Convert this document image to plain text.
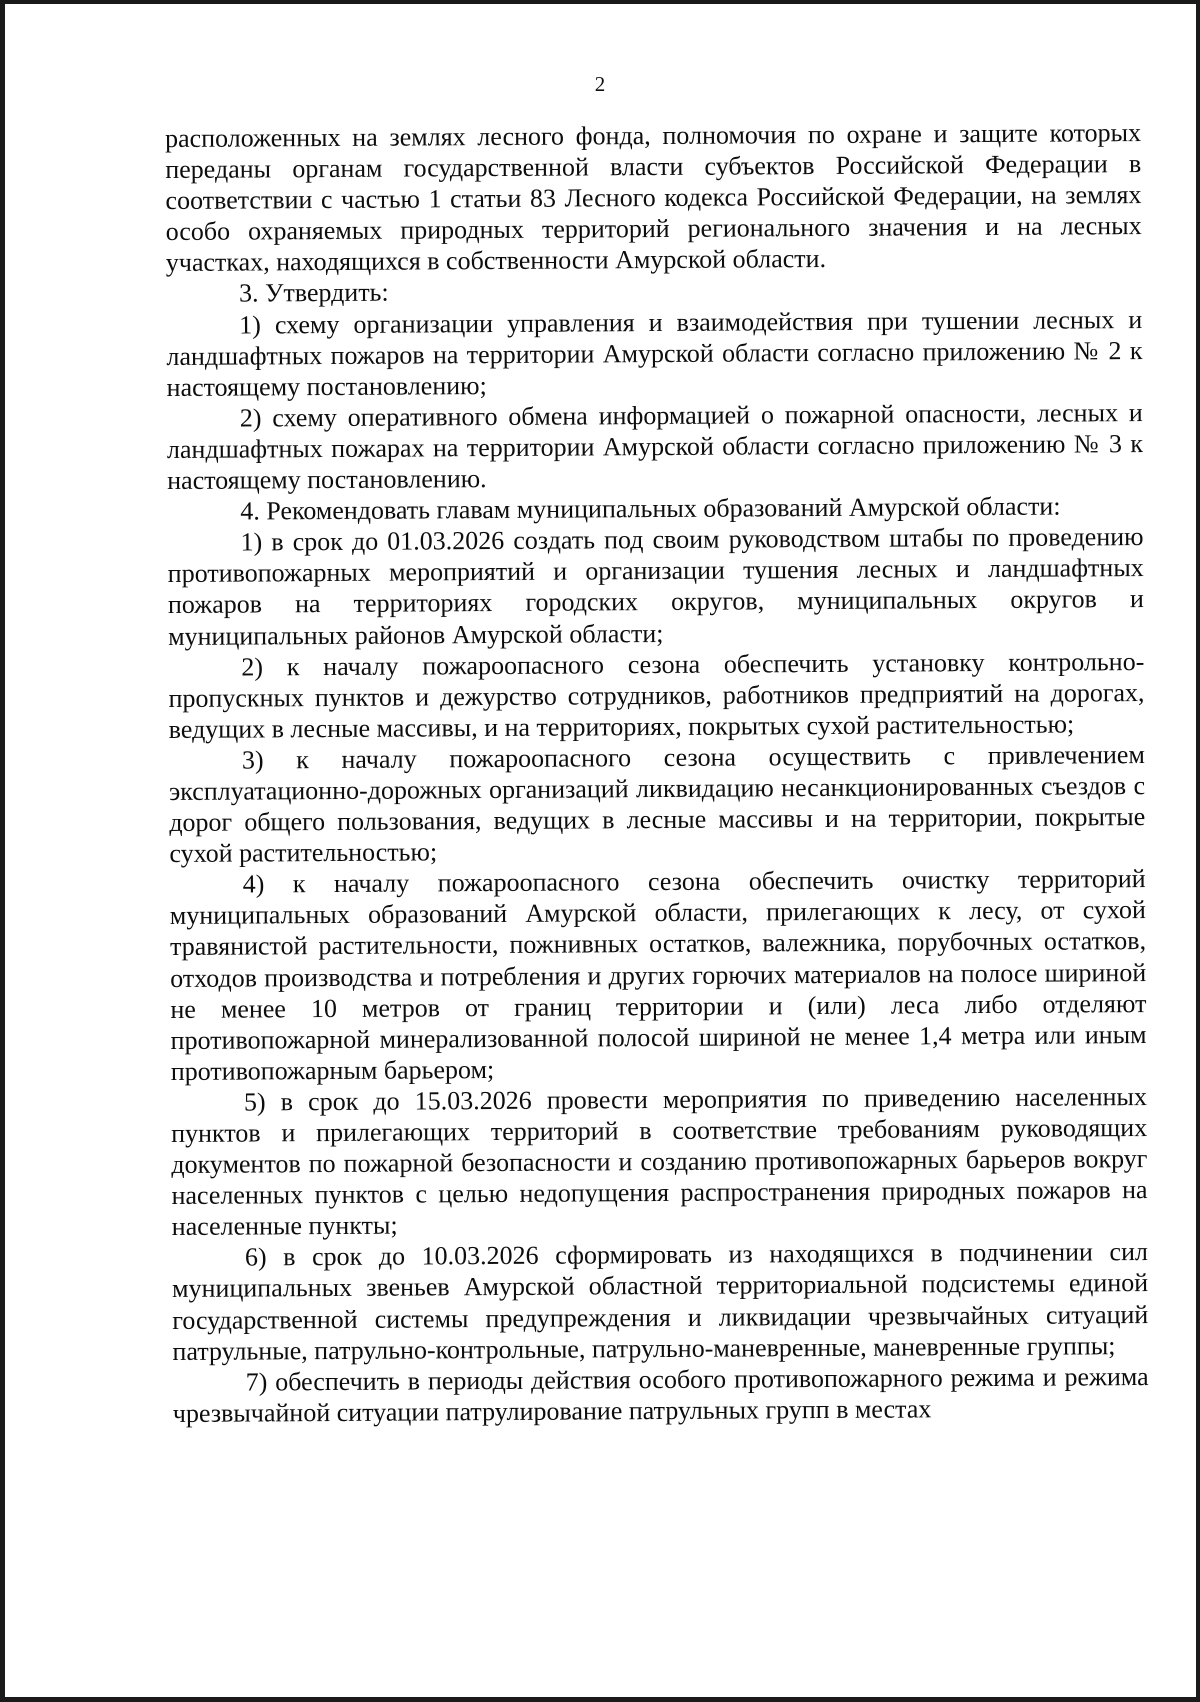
2

расположенных на землях лесного фонда, полномочия по охране и защите которых переданы органам государственной власти субъектов Российской Федерации в соответствии с частью 1 статьи 83 Лесного кодекса Российской Федерации, на землях особо охраняемых природных территорий регионального значения и на лесных участках, находящихся в собственности Амурской области.

3. Утвердить:

1) схему организации управления и взаимодействия при тушении лесных и ландшафтных пожаров на территории Амурской области согласно приложению № 2 к настоящему постановлению;

2) схему оперативного обмена информацией о пожарной опасности, лесных и ландшафтных пожарах на территории Амурской области согласно приложению № 3 к настоящему постановлению.

4. Рекомендовать главам муниципальных образований Амурской области:

1) в срок до 01.03.2026 создать под своим руководством штабы по проведению противопожарных мероприятий и организации тушения лесных и ландшафтных пожаров на территориях городских округов, муниципальных округов и муниципальных районов Амурской области;

2) к началу пожароопасного сезона обеспечить установку контрольно-пропускных пунктов и дежурство сотрудников, работников предприятий на дорогах, ведущих в лесные массивы, и на территориях, покрытых сухой растительностью;

3) к началу пожароопасного сезона осуществить с привлечением эксплуатационно-дорожных организаций ликвидацию несанкционированных съездов с дорог общего пользования, ведущих в лесные массивы и на территории, покрытые сухой растительностью;

4) к началу пожароопасного сезона обеспечить очистку территорий муниципальных образований Амурской области, прилегающих к лесу, от сухой травянистой растительности, пожнивных остатков, валежника, порубочных остатков, отходов производства и потребления и других горючих материалов на полосе шириной не менее 10 метров от границ территории и (или) леса либо отделяют противопожарной минерализованной полосой шириной не менее 1,4 метра или иным противопожарным барьером;

5) в срок до 15.03.2026 провести мероприятия по приведению населенных пунктов и прилегающих территорий в соответствие требованиям руководящих документов по пожарной безопасности и созданию противопожарных барьеров вокруг населенных пунктов с целью недопущения распространения природных пожаров на населенные пункты;

6) в срок до 10.03.2026 сформировать из находящихся в подчинении сил муниципальных звеньев Амурской областной территориальной подсистемы единой государственной системы предупреждения и ликвидации чрезвычайных ситуаций патрульные, патрульно-контрольные, патрульно-маневренные, маневренные группы;

7) обеспечить в периоды действия особого противопожарного режима и режима чрезвычайной ситуации патрулирование патрульных групп в местах
